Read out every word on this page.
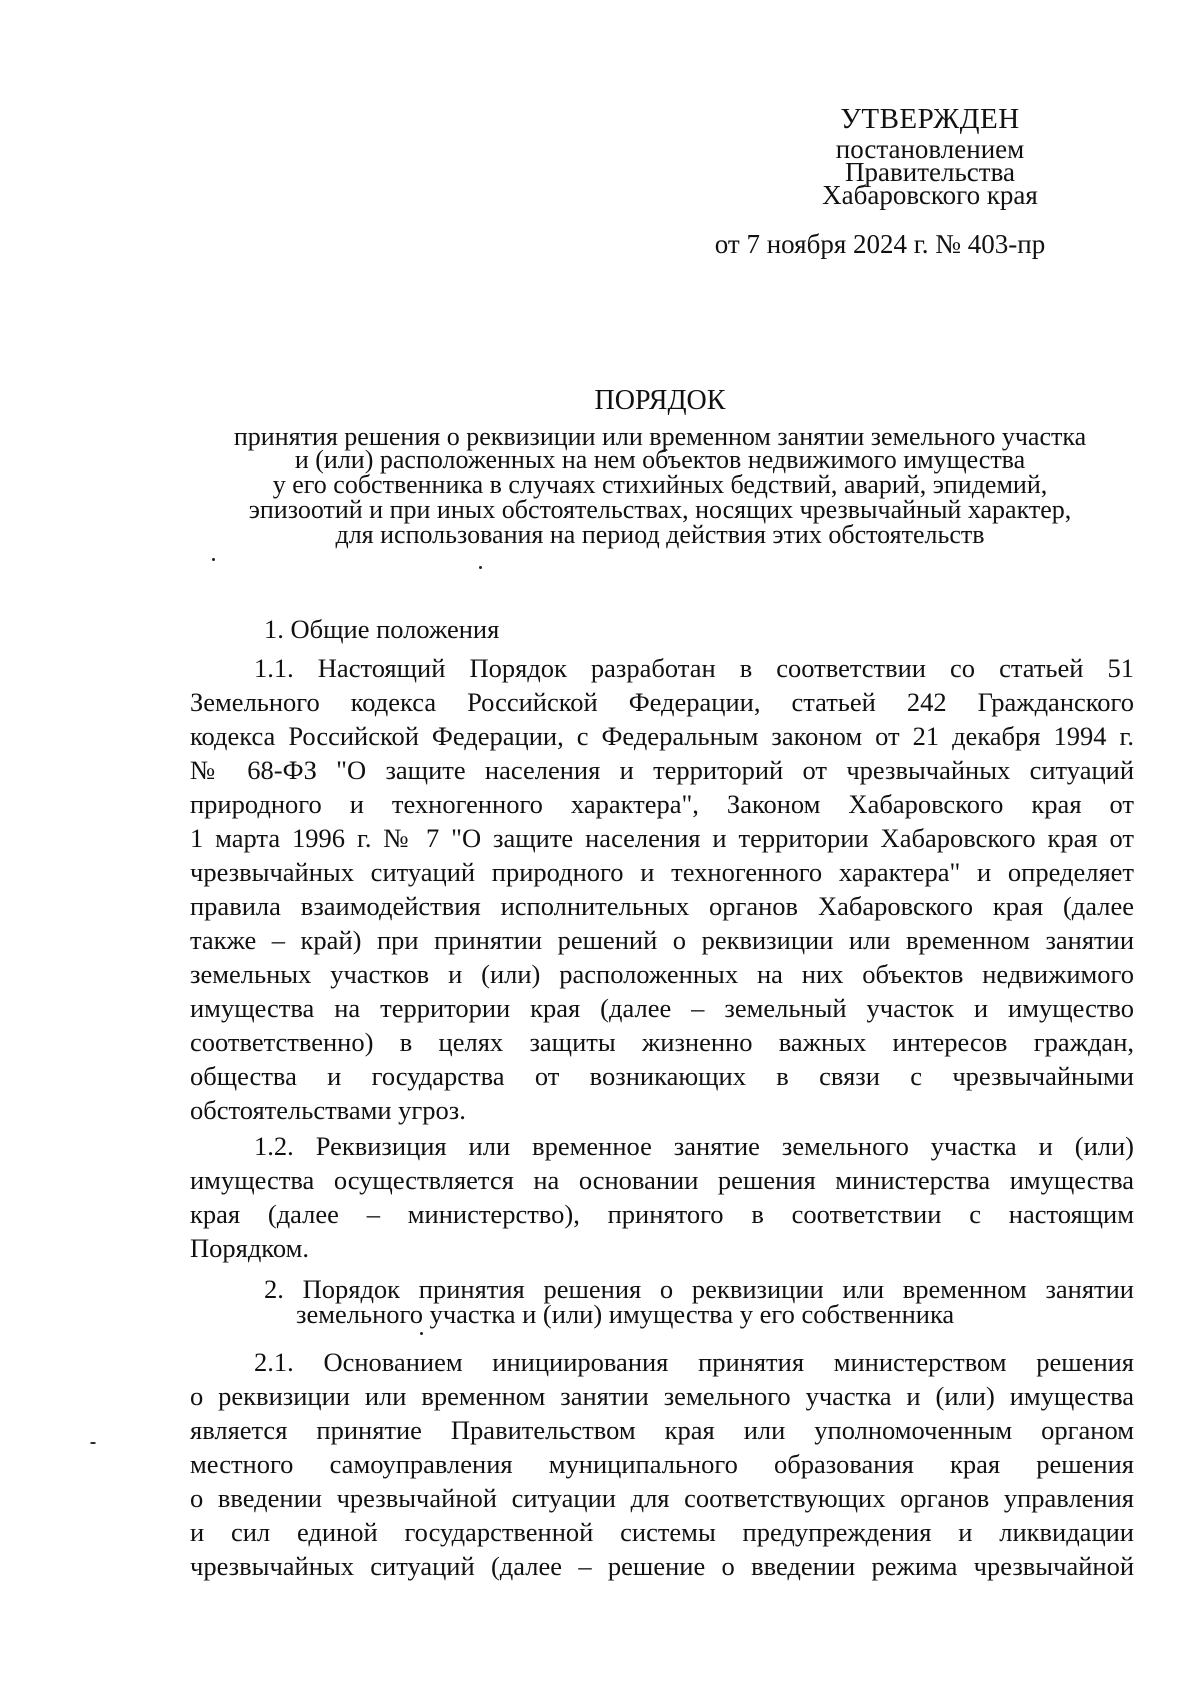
УТВЕРЖДЕН
постановлением
Правительства
Хабаровского края
от 7 ноября 2024 г. № 403-пр
ПОРЯДОК
принятия решения о реквизиции или временном занятии земельного участка
и (или) расположенных на нем объектов недвижимого имущества
у его собственника в случаях стихийных бедствий, аварий, эпидемий,
эпизоотий и при иных обстоятельствах, носящих чрезвычайный характер,
для использования на период действия этих обстоятельств
1. Общие положения
1.1. Настоящий Порядок разработан в соответствии со статьей 51
Земельного кодекса Российской Федерации, статьей 242 Гражданского
кодекса Российской Федерации, с Федеральным законом от 21 декабря 1994 г.
№ 68-ФЗ "О защите населения и территорий от чрезвычайных ситуаций
природного и техногенного характера", Законом Хабаровского края от
1 марта 1996 г. № 7 "О защите населения и территории Хабаровского края от
чрезвычайных ситуаций природного и техногенного характера" и определяет
правила взаимодействия исполнительных органов Хабаровского края (далее
также – край) при принятии решений о реквизиции или временном занятии
земельных участков и (или) расположенных на них объектов недвижимого
имущества на территории края (далее – земельный участок и имущество
соответственно) в целях защиты жизненно важных интересов граждан,
общества и государства от возникающих в связи с чрезвычайными
обстоятельствами угроз.
1.2. Реквизиция или временное занятие земельного участка и (или)
имущества осуществляется на основании решения министерства имущества
края (далее – министерство), принятого в соответствии с настоящим
Порядком.
2. Порядок принятия решения о реквизиции или временном занятии
земельного участка и (или) имущества у его собственника
2.1. Основанием инициирования принятия министерством решения
о реквизиции или временном занятии земельного участка и (или) имущества
является принятие Правительством края или уполномоченным органом
местного самоуправления муниципального образования края решения
о введении чрезвычайной ситуации для соответствующих органов управления
и сил единой государственной системы предупреждения и ликвидации
чрезвычайных ситуаций (далее – решение о введении режима чрезвычайной
